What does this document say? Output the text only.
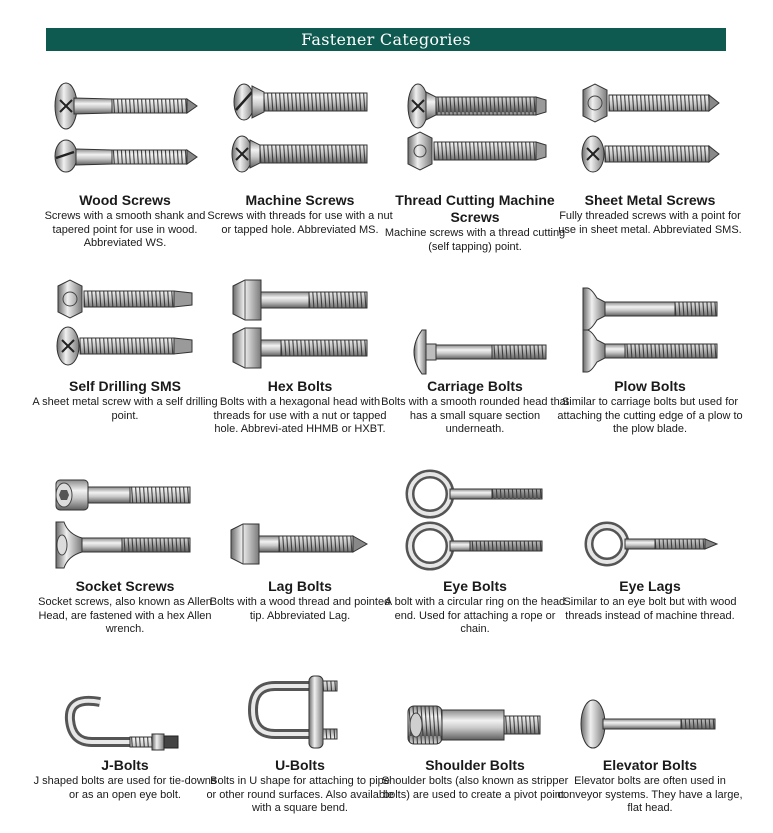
Fastener Categories
Wood Screws
Screws with a smooth shank and tapered point for use in wood. Abbreviated WS.
Machine Screws
Screws with threads for use with a nut or tapped hole. Abbreviated MS.
Thread Cutting Machine Screws
Machine screws with a thread cutting (self tapping) point.
Sheet Metal Screws
Fully threaded screws with a point for use in sheet metal. Abbreviated SMS.
Self Drilling SMS
A sheet metal screw with a self drilling point.
Hex Bolts
Bolts with a hexagonal head with threads for use with a nut or tapped hole. Abbrevi-ated HHMB or HXBT.
Carriage Bolts
Bolts with a smooth rounded head that has a small square section underneath.
Plow Bolts
Similar to carriage bolts but used for attaching the cutting edge of a plow to the plow blade.
Socket Screws
Socket screws, also known as Allen Head, are fastened with a hex Allen wrench.
Lag Bolts
Bolts with a wood thread and pointed tip. Abbreviated Lag.
Eye Bolts
A bolt with a circular ring on the head end. Used for attaching a rope or chain.
Eye Lags
Similar to an eye bolt but with wood threads instead of machine thread.
J-Bolts
J shaped bolts are used for tie-downs or as an open eye bolt.
U-Bolts
Bolts in U shape for attaching to pipe or other round surfaces. Also available with a square bend.
Shoulder Bolts
Shoulder bolts (also known as stripper bolts) are used to create a pivot point.
Elevator Bolts
Elevator bolts are often used in conveyor systems. They have a large, flat head.
